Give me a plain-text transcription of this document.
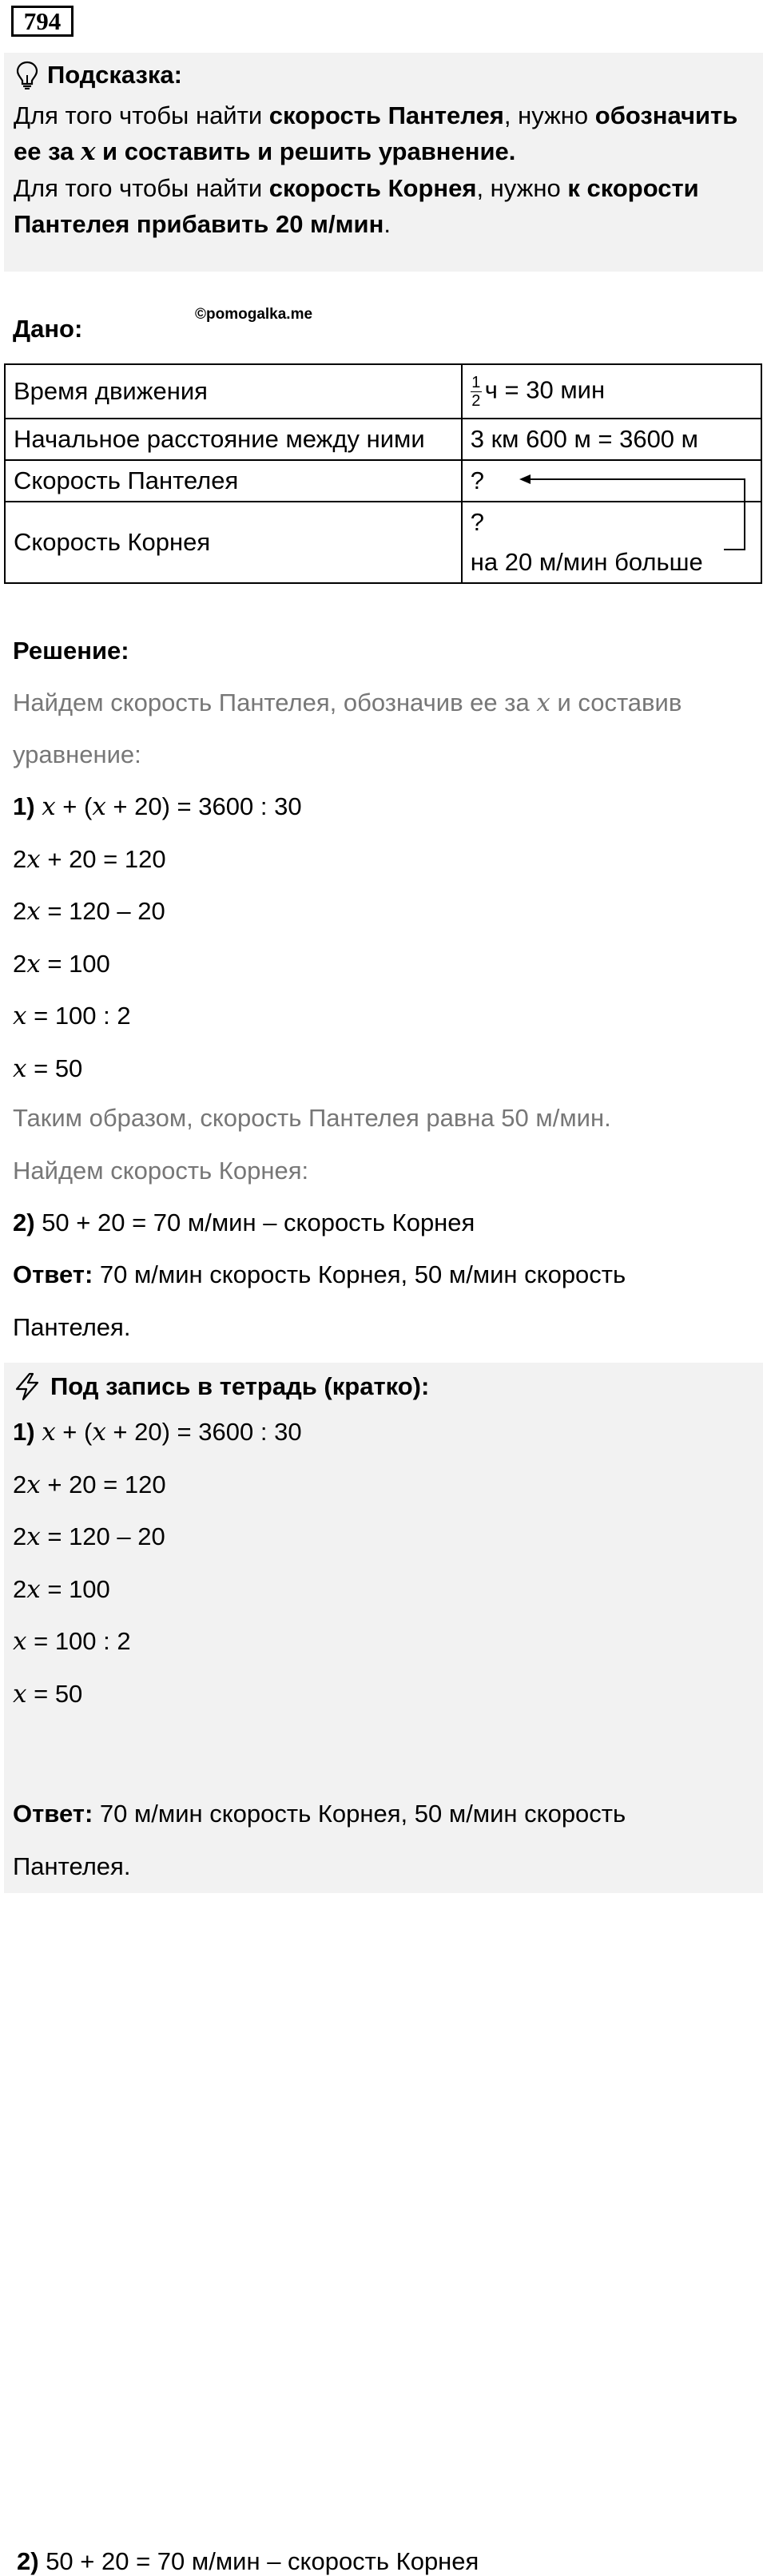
794
Подсказка:
Для того чтобы найти скорость Пантелея, нужно обозначить ее за x и составить и решить уравнение.
Для того чтобы найти скорость Корнея, нужно к скорости Пантелея прибавить 20 м/мин.
Дано:
©pomogalka.me
Время движения	$\frac{1}{2}$ ч = 30 мин
Начальное расстояние между ними	3 км 600 м = 3600 м
Скорость Пантелея	?
Скорость Корнея	?
на 20 м/мин больше
Решение:
Найдем скорость Пантелея, обозначив ее за x и составив
уравнение:
1) x + (x + 20) = 3600 : 30
2x + 20 = 120
2x = 120 – 20
2x = 100
x = 100 : 2
x = 50
Таким образом, скорость Пантелея равна 50 м/мин.
Найдем скорость Корнея:
2) 50 + 20 = 70 м/мин – скорость Корнея
Ответ: 70 м/мин скорость Корнея, 50 м/мин скорость
Пантелея.
Под запись в тетрадь (кратко):
1) x + (x + 20) = 3600 : 30
2x + 20 = 120
2x = 120 – 20
2x = 100
x = 100 : 2
x = 50
2) 50 + 20 = 70 м/мин – скорость Корнея
Ответ: 70 м/мин скорость Корнея, 50 м/мин скорость
Пантелея.
